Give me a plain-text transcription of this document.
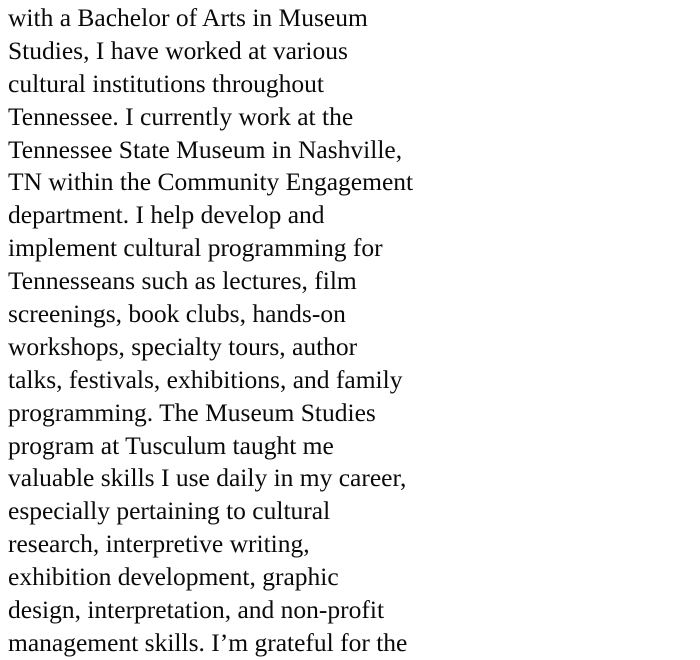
with a Bachelor of Arts in Museum
Studies, I have worked at various
cultural institutions throughout
Tennessee. I currently work at the
Tennessee State Museum in Nashville,
TN within the Community Engagement
department. I help develop and
implement cultural programming for
Tennesseans such as lectures, film
screenings, book clubs, hands-on
workshops, specialty tours, author
talks, festivals, exhibitions, and family
programming. The Museum Studies
program at Tusculum taught me
valuable skills I use daily in my career,
especially pertaining to cultural
research, interpretive writing,
exhibition development, graphic
design, interpretation, and non-profit
management skills. I’m grateful for the
